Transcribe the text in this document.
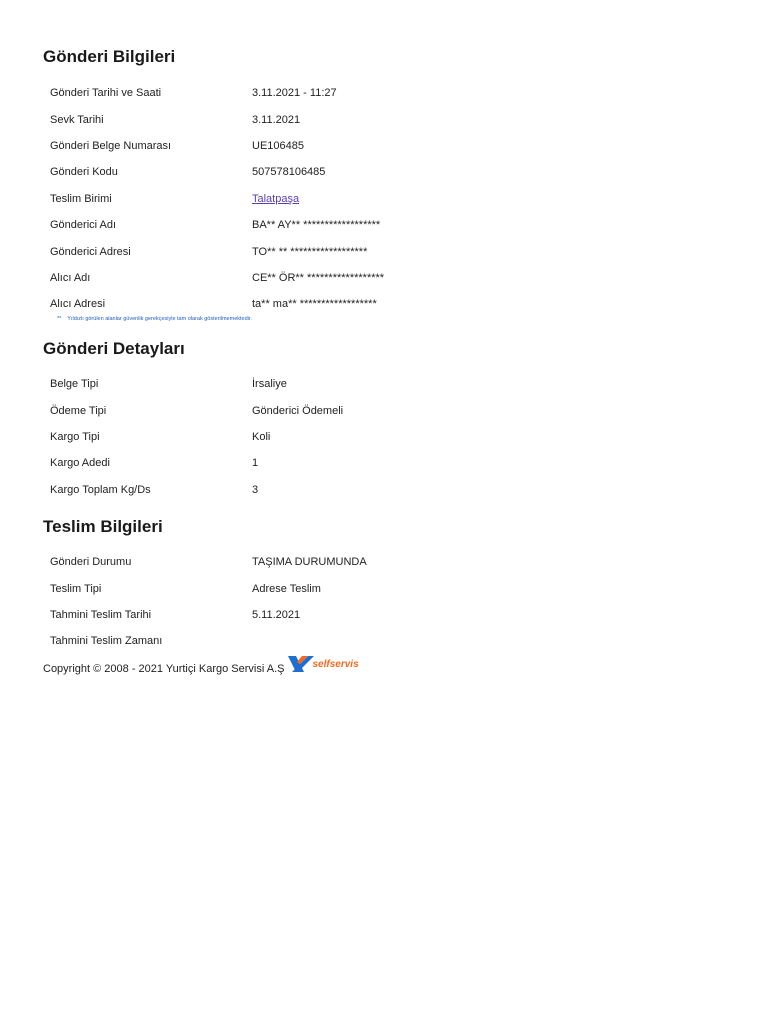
Gönderi Bilgileri
Gönderi Tarihi ve Saati	3.11.2021 - 11:27
Sevk Tarihi	3.11.2021
Gönderi Belge Numarası	UE106485
Gönderi Kodu	507578106485
Teslim Birimi	Talatpaşa
Gönderici Adı	BA** AY** ******************
Gönderici Adresi	TO** ** ******************
Alıcı Adı	CE** ÖR** ******************
Alıcı Adresi	ta** ma** ******************
** Yıldızlı görülen alanlar güvenlik gerekçesiyle tam olarak gösterilmemektedir.
Gönderi Detayları
Belge Tipi	İrsaliye
Ödeme Tipi	Gönderici Ödemeli
Kargo Tipi	Koli
Kargo Adedi	1
Kargo Toplam Kg/Ds	3
Teslim Bilgileri
Gönderi Durumu	TAŞIMA DURUMUNDA
Teslim Tipi	Adrese Teslim
Tahmini Teslim Tarihi	5.11.2021
Tahmini Teslim Zamanı
Copyright © 2008 - 2021 Yurtiçi Kargo Servisi A.Ş	selfservis
